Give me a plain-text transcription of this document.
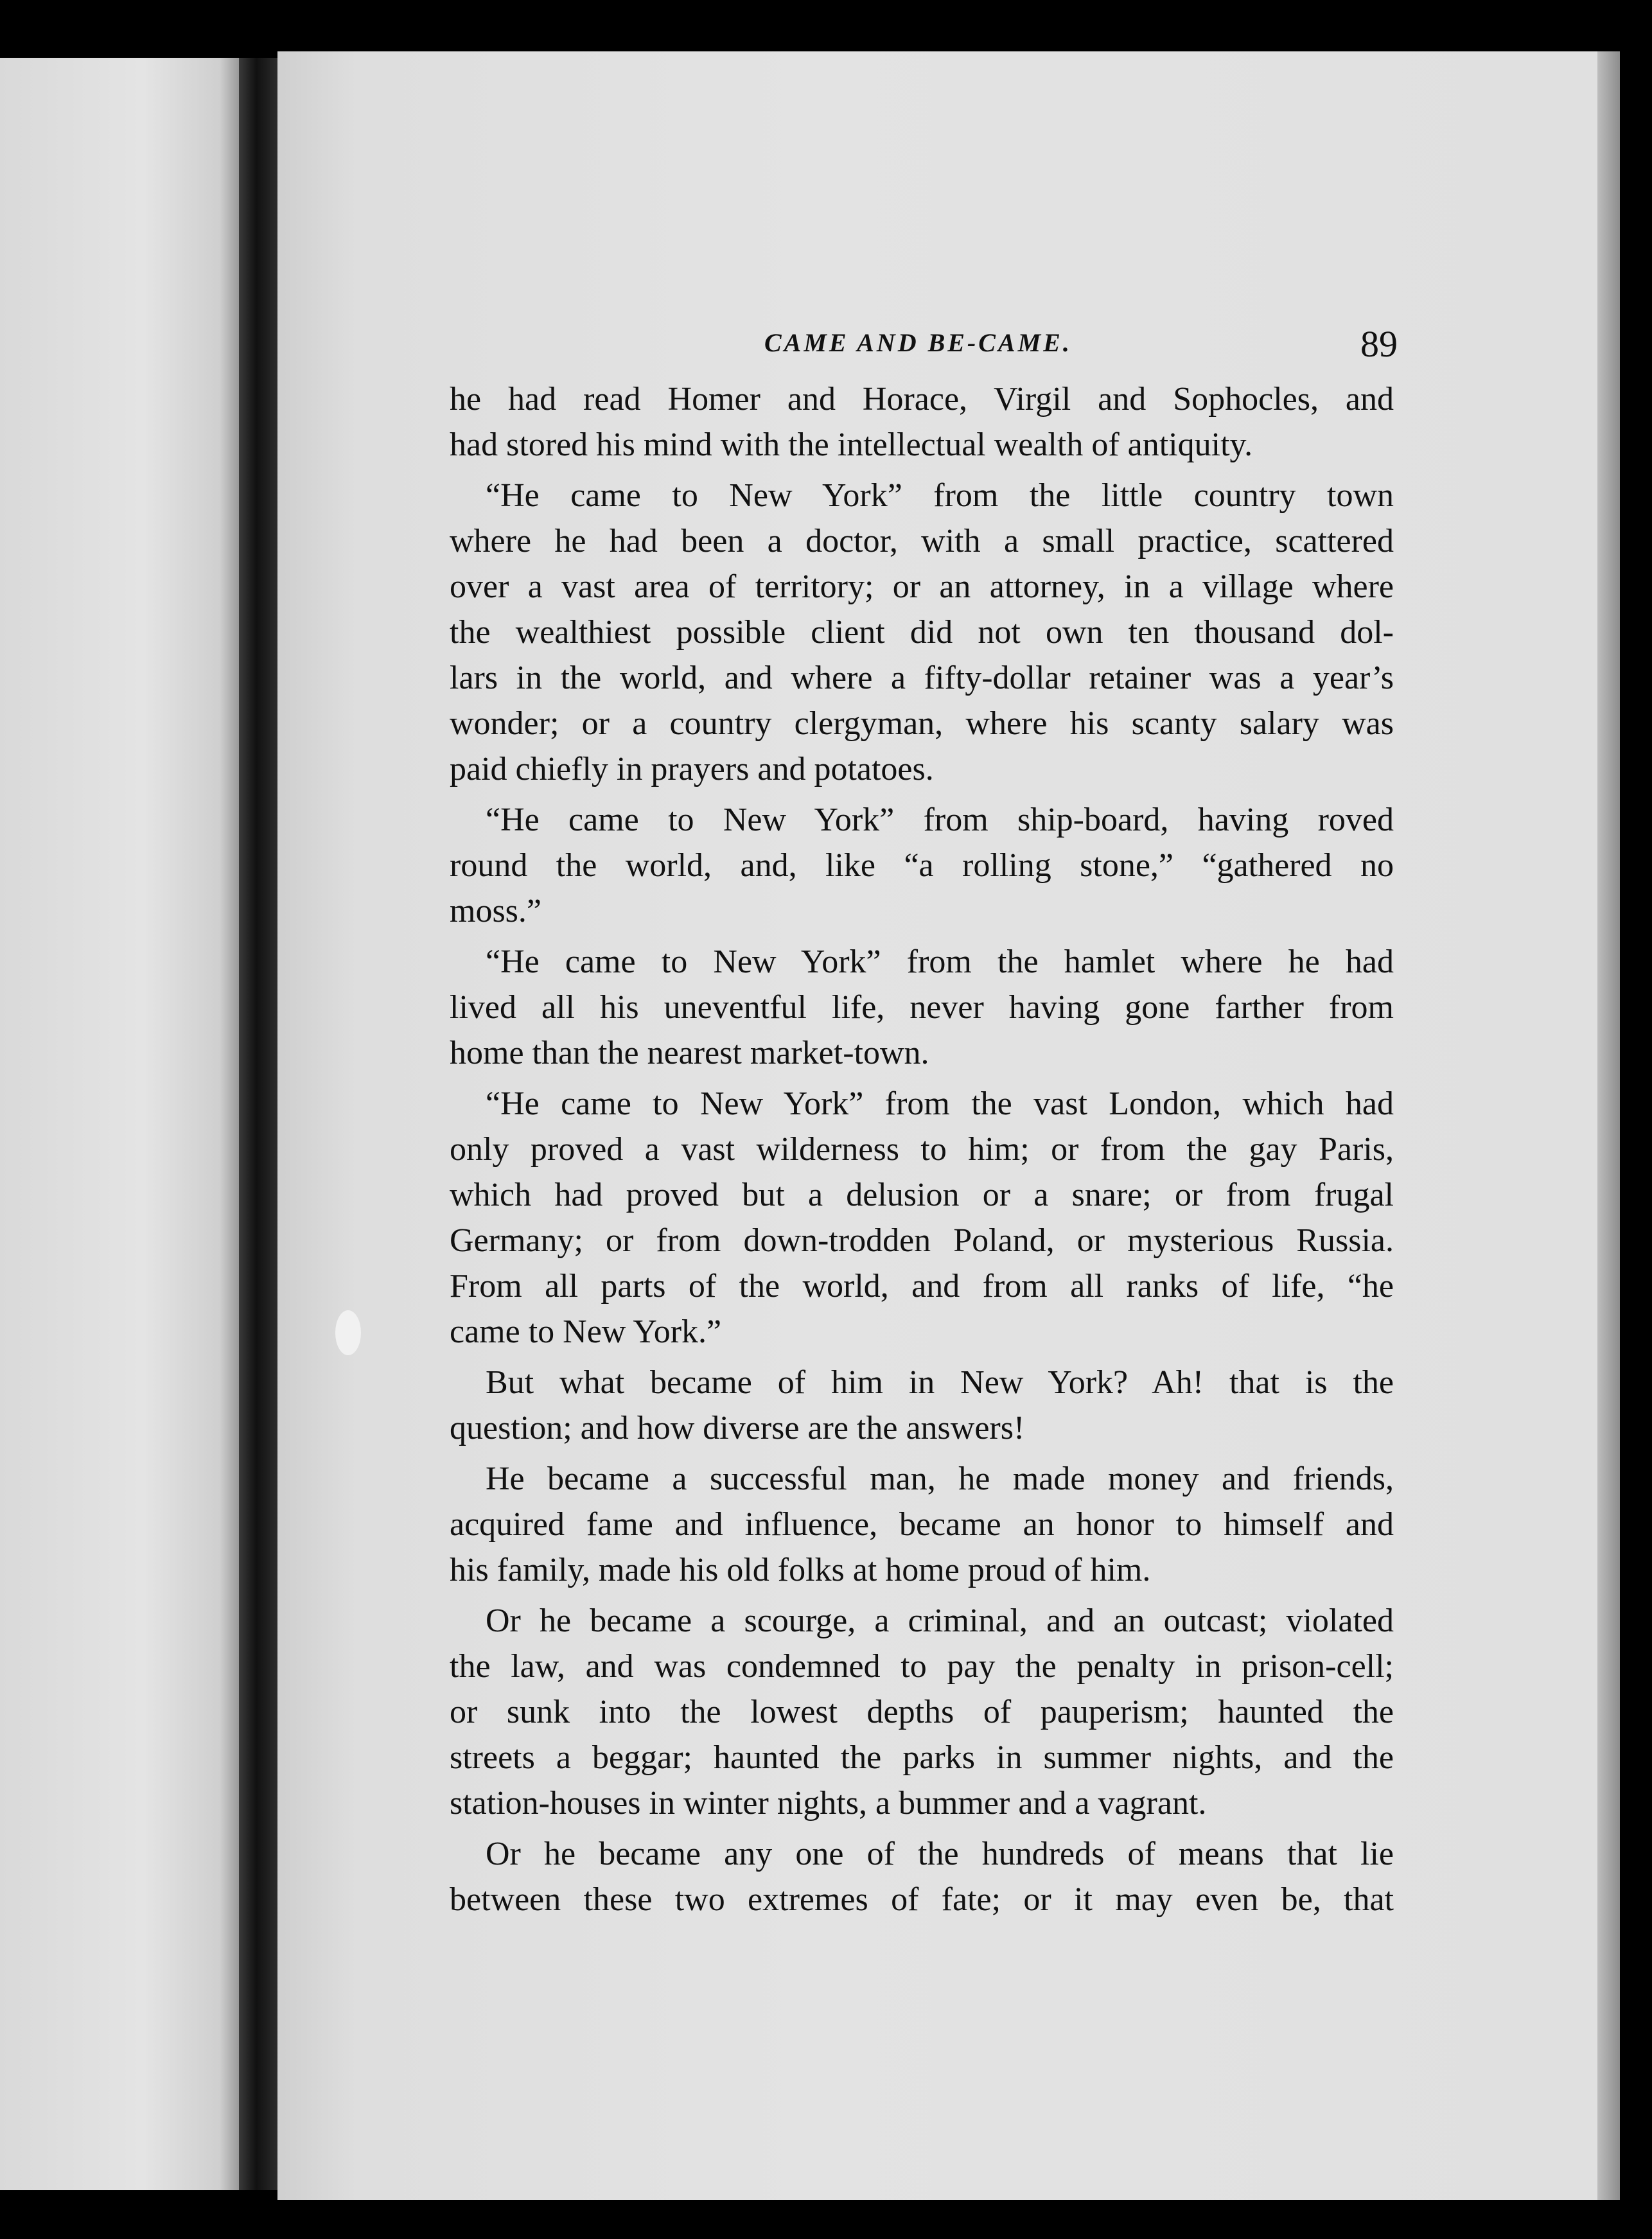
CAME AND BE-CAME.	89
he had read Homer and Horace, Virgil and Sophocles, and
had stored his mind with the intellectual wealth of antiquity.
“He came to New York” from the little country town
where he had been a doctor, with a small practice, scattered
over a vast area of territory; or an attorney, in a village where
the wealthiest possible client did not own ten thousand dol-
lars in the world, and where a fifty-dollar retainer was a year’s
wonder; or a country clergyman, where his scanty salary was
paid chiefly in prayers and potatoes.
“He came to New York” from ship-board, having roved
round the world, and, like “a rolling stone,” “gathered no
moss.”
“He came to New York” from the hamlet where he had
lived all his uneventful life, never having gone farther from
home than the nearest market-town.
“He came to New York” from the vast London, which had
only proved a vast wilderness to him; or from the gay Paris,
which had proved but a delusion or a snare; or from frugal
Germany; or from down-trodden Poland, or mysterious Russia.
From all parts of the world, and from all ranks of life, “he
came to New York.”
But what became of him in New York? Ah! that is the
question; and how diverse are the answers!
He became a successful man, he made money and friends,
acquired fame and influence, became an honor to himself and
his family, made his old folks at home proud of him.
Or he became a scourge, a criminal, and an outcast; violated
the law, and was condemned to pay the penalty in prison-cell;
or sunk into the lowest depths of pauperism; haunted the
streets a beggar; haunted the parks in summer nights, and the
station-houses in winter nights, a bummer and a vagrant.
Or he became any one of the hundreds of means that lie
between these two extremes of fate; or it may even be, that
